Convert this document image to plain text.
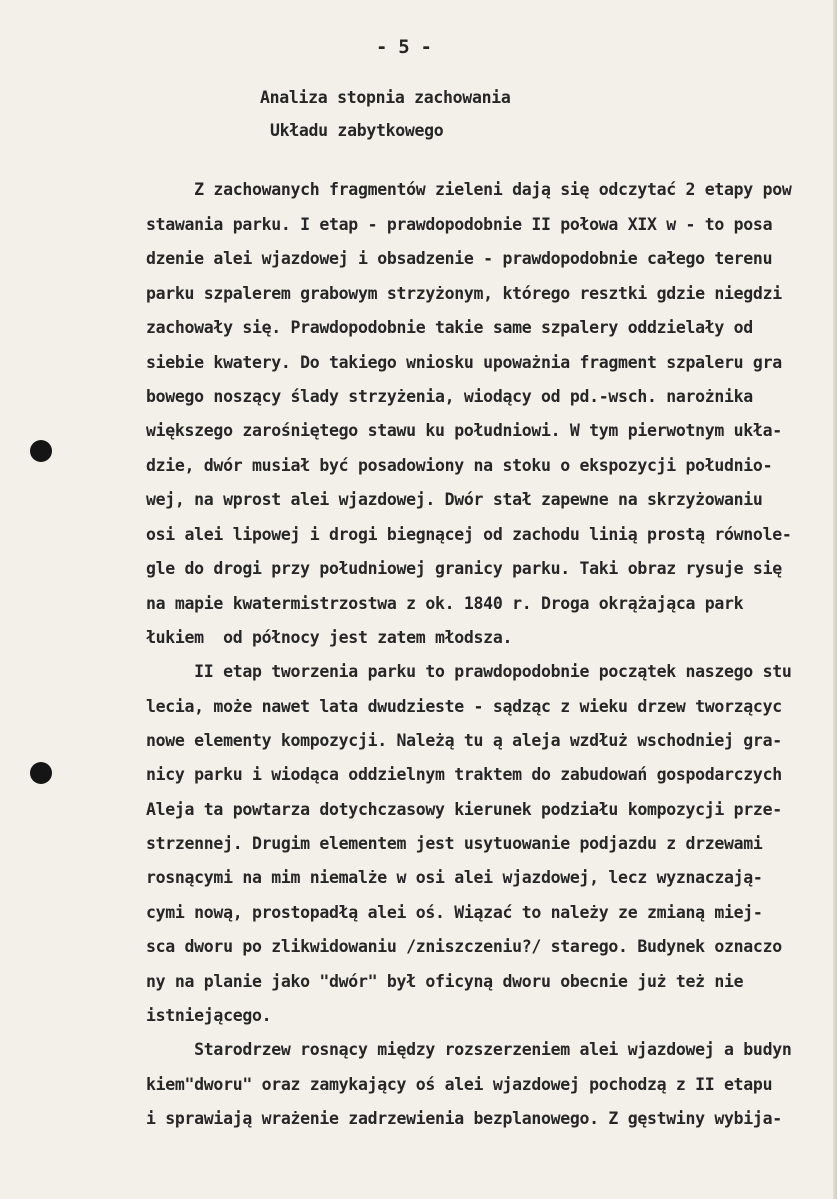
- 5 -
Analiza stopnia zachowania
Układu zabytkowego
Z zachowanych fragmentów zieleni dają się odczytać 2 etapy pow
stawania parku. I etap - prawdopodobnie II połowa XIX w - to posa
dzenie alei wjazdowej i obsadzenie - prawdopodobnie całego terenu
parku szpalerem grabowym strzyżonym, którego resztki gdzie niegdzi
zachowały się. Prawdopodobnie takie same szpalery oddzielały od
siebie kwatery. Do takiego wniosku upoważnia fragment szpaleru gra
bowego noszący ślady strzyżenia, wiodący od pd.-wsch. narożnika
większego zarośniętego stawu ku południowi. W tym pierwotnym ukła-
dzie, dwór musiał być posadowiony na stoku o ekspozycji południo-
wej, na wprost alei wjazdowej. Dwór stał zapewne na skrzyżowaniu
osi alei lipowej i drogi biegnącej od zachodu linią prostą równole-
gle do drogi przy południowej granicy parku. Taki obraz rysuje się
na mapie kwatermistrzostwa z ok. 1840 r. Droga okrążająca park
łukiem  od północy jest zatem młodsza.
II etap tworzenia parku to prawdopodobnie początek naszego stu
lecia, może nawet lata dwudzieste - sądząc z wieku drzew tworzącyc
nowe elementy kompozycji. Należą tu ą aleja wzdłuż wschodniej gra-
nicy parku i wiodąca oddzielnym traktem do zabudowań gospodarczych
Aleja ta powtarza dotychczasowy kierunek podziału kompozycji prze-
strzennej. Drugim elementem jest usytuowanie podjazdu z drzewami
rosnącymi na mim niemalże w osi alei wjazdowej, lecz wyznaczają-
cymi nową, prostopadłą alei oś. Wiązać to należy ze zmianą miej-
sca dworu po zlikwidowaniu /zniszczeniu?/ starego. Budynek oznaczo
ny na planie jako "dwór" był oficyną dworu obecnie już też nie
istniejącego.
Starodrzew rosnący między rozszerzeniem alei wjazdowej a budyn
kiem"dworu" oraz zamykający oś alei wjazdowej pochodzą z II etapu
i sprawiają wrażenie zadrzewienia bezplanowego. Z gęstwiny wybija-
